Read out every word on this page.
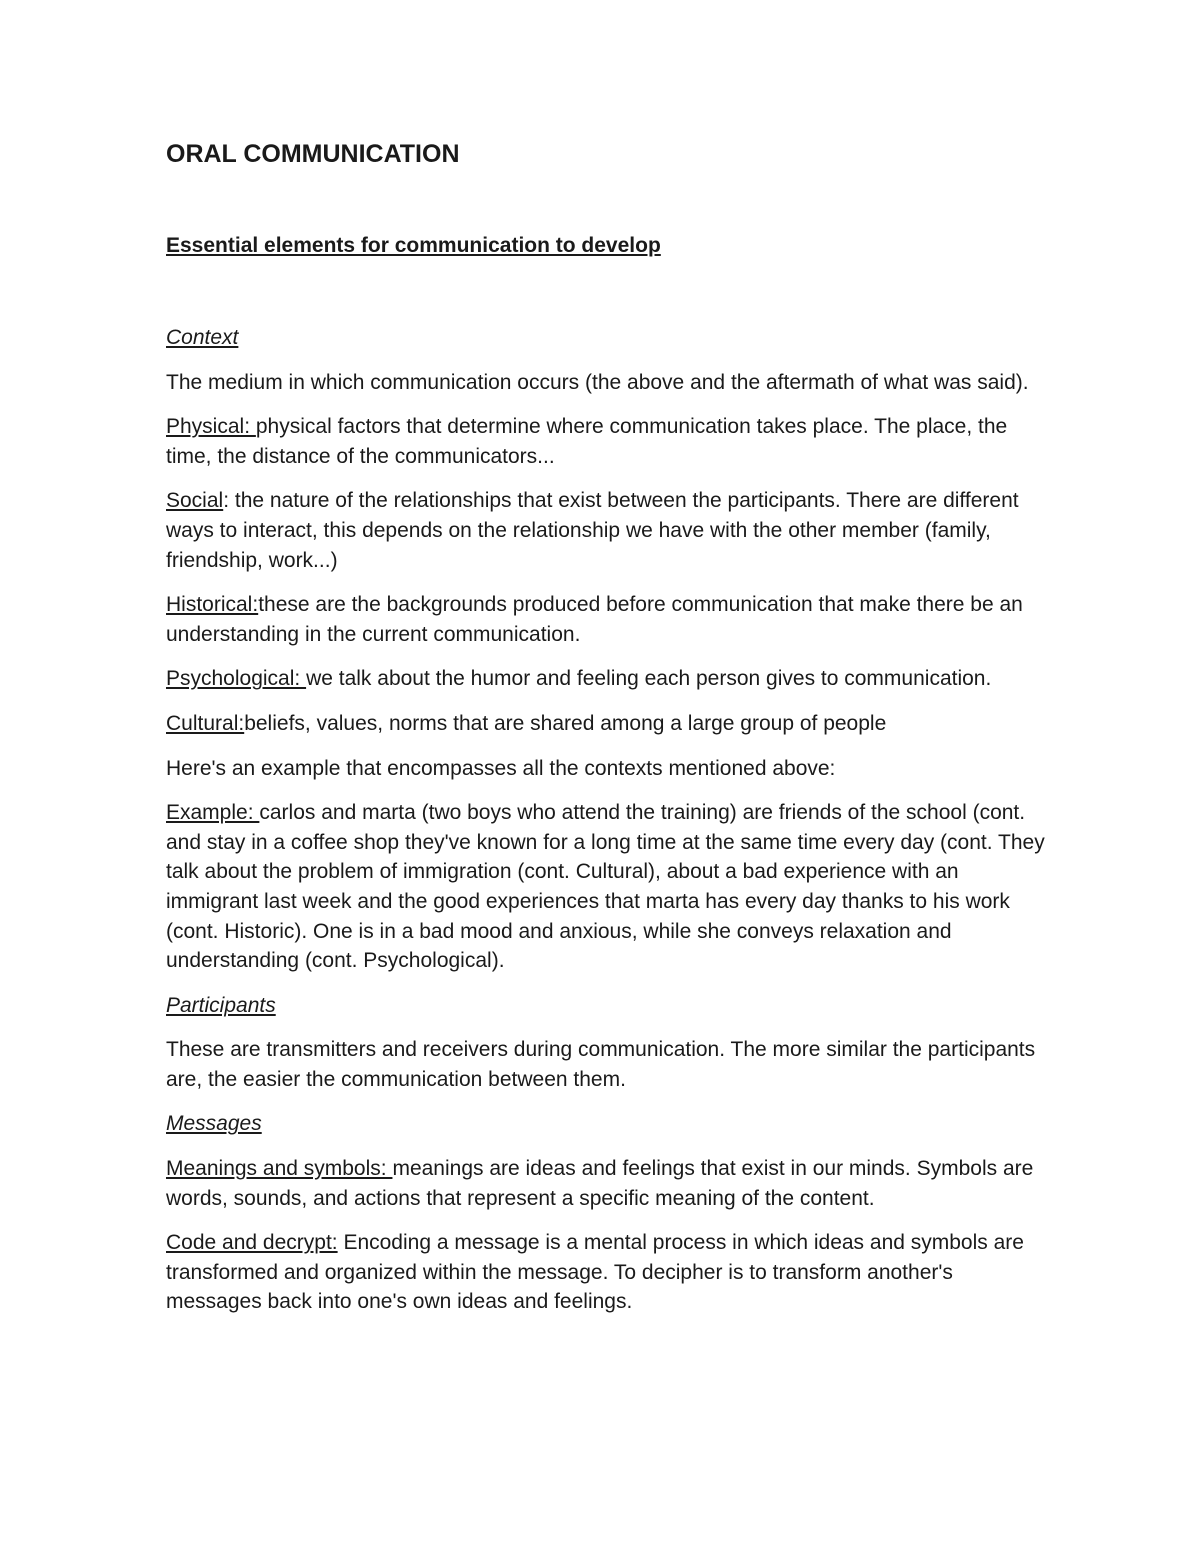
ORAL COMMUNICATION
Essential elements for communication to develop

Context

The medium in which communication occurs (the above and the aftermath of what was said).

Physical: physical factors that determine where communication takes place. The place, the time, the distance of the communicators...

Social: the nature of the relationships that exist between the participants. There are different ways to interact, this depends on the relationship we have with the other member (family, friendship, work...)

Historical:these are the backgrounds produced before communication that make there be an understanding in the current communication.

Psychological: we talk about the humor and feeling each person gives to communication.

Cultural:beliefs, values, norms that are shared among a large group of people

Here's an example that encompasses all the contexts mentioned above:

Example: carlos and marta (two boys who attend the training) are friends of the school (cont. and stay in a coffee shop they've known for a long time at the same time every day (cont. They talk about the problem of immigration (cont. Cultural), about a bad experience with an immigrant last week and the good experiences that marta has every day thanks to his work (cont. Historic). One is in a bad mood and anxious, while she conveys relaxation and understanding (cont. Psychological).

Participants

These are transmitters and receivers during communication. The more similar the participants are, the easier the communication between them.

Messages

Meanings and symbols: meanings are ideas and feelings that exist in our minds. Symbols are words, sounds, and actions that represent a specific meaning of the content.

Code and decrypt: Encoding a message is a mental process in which ideas and symbols are transformed and organized within the message. To decipher is to transform another's messages back into one's own ideas and feelings.
